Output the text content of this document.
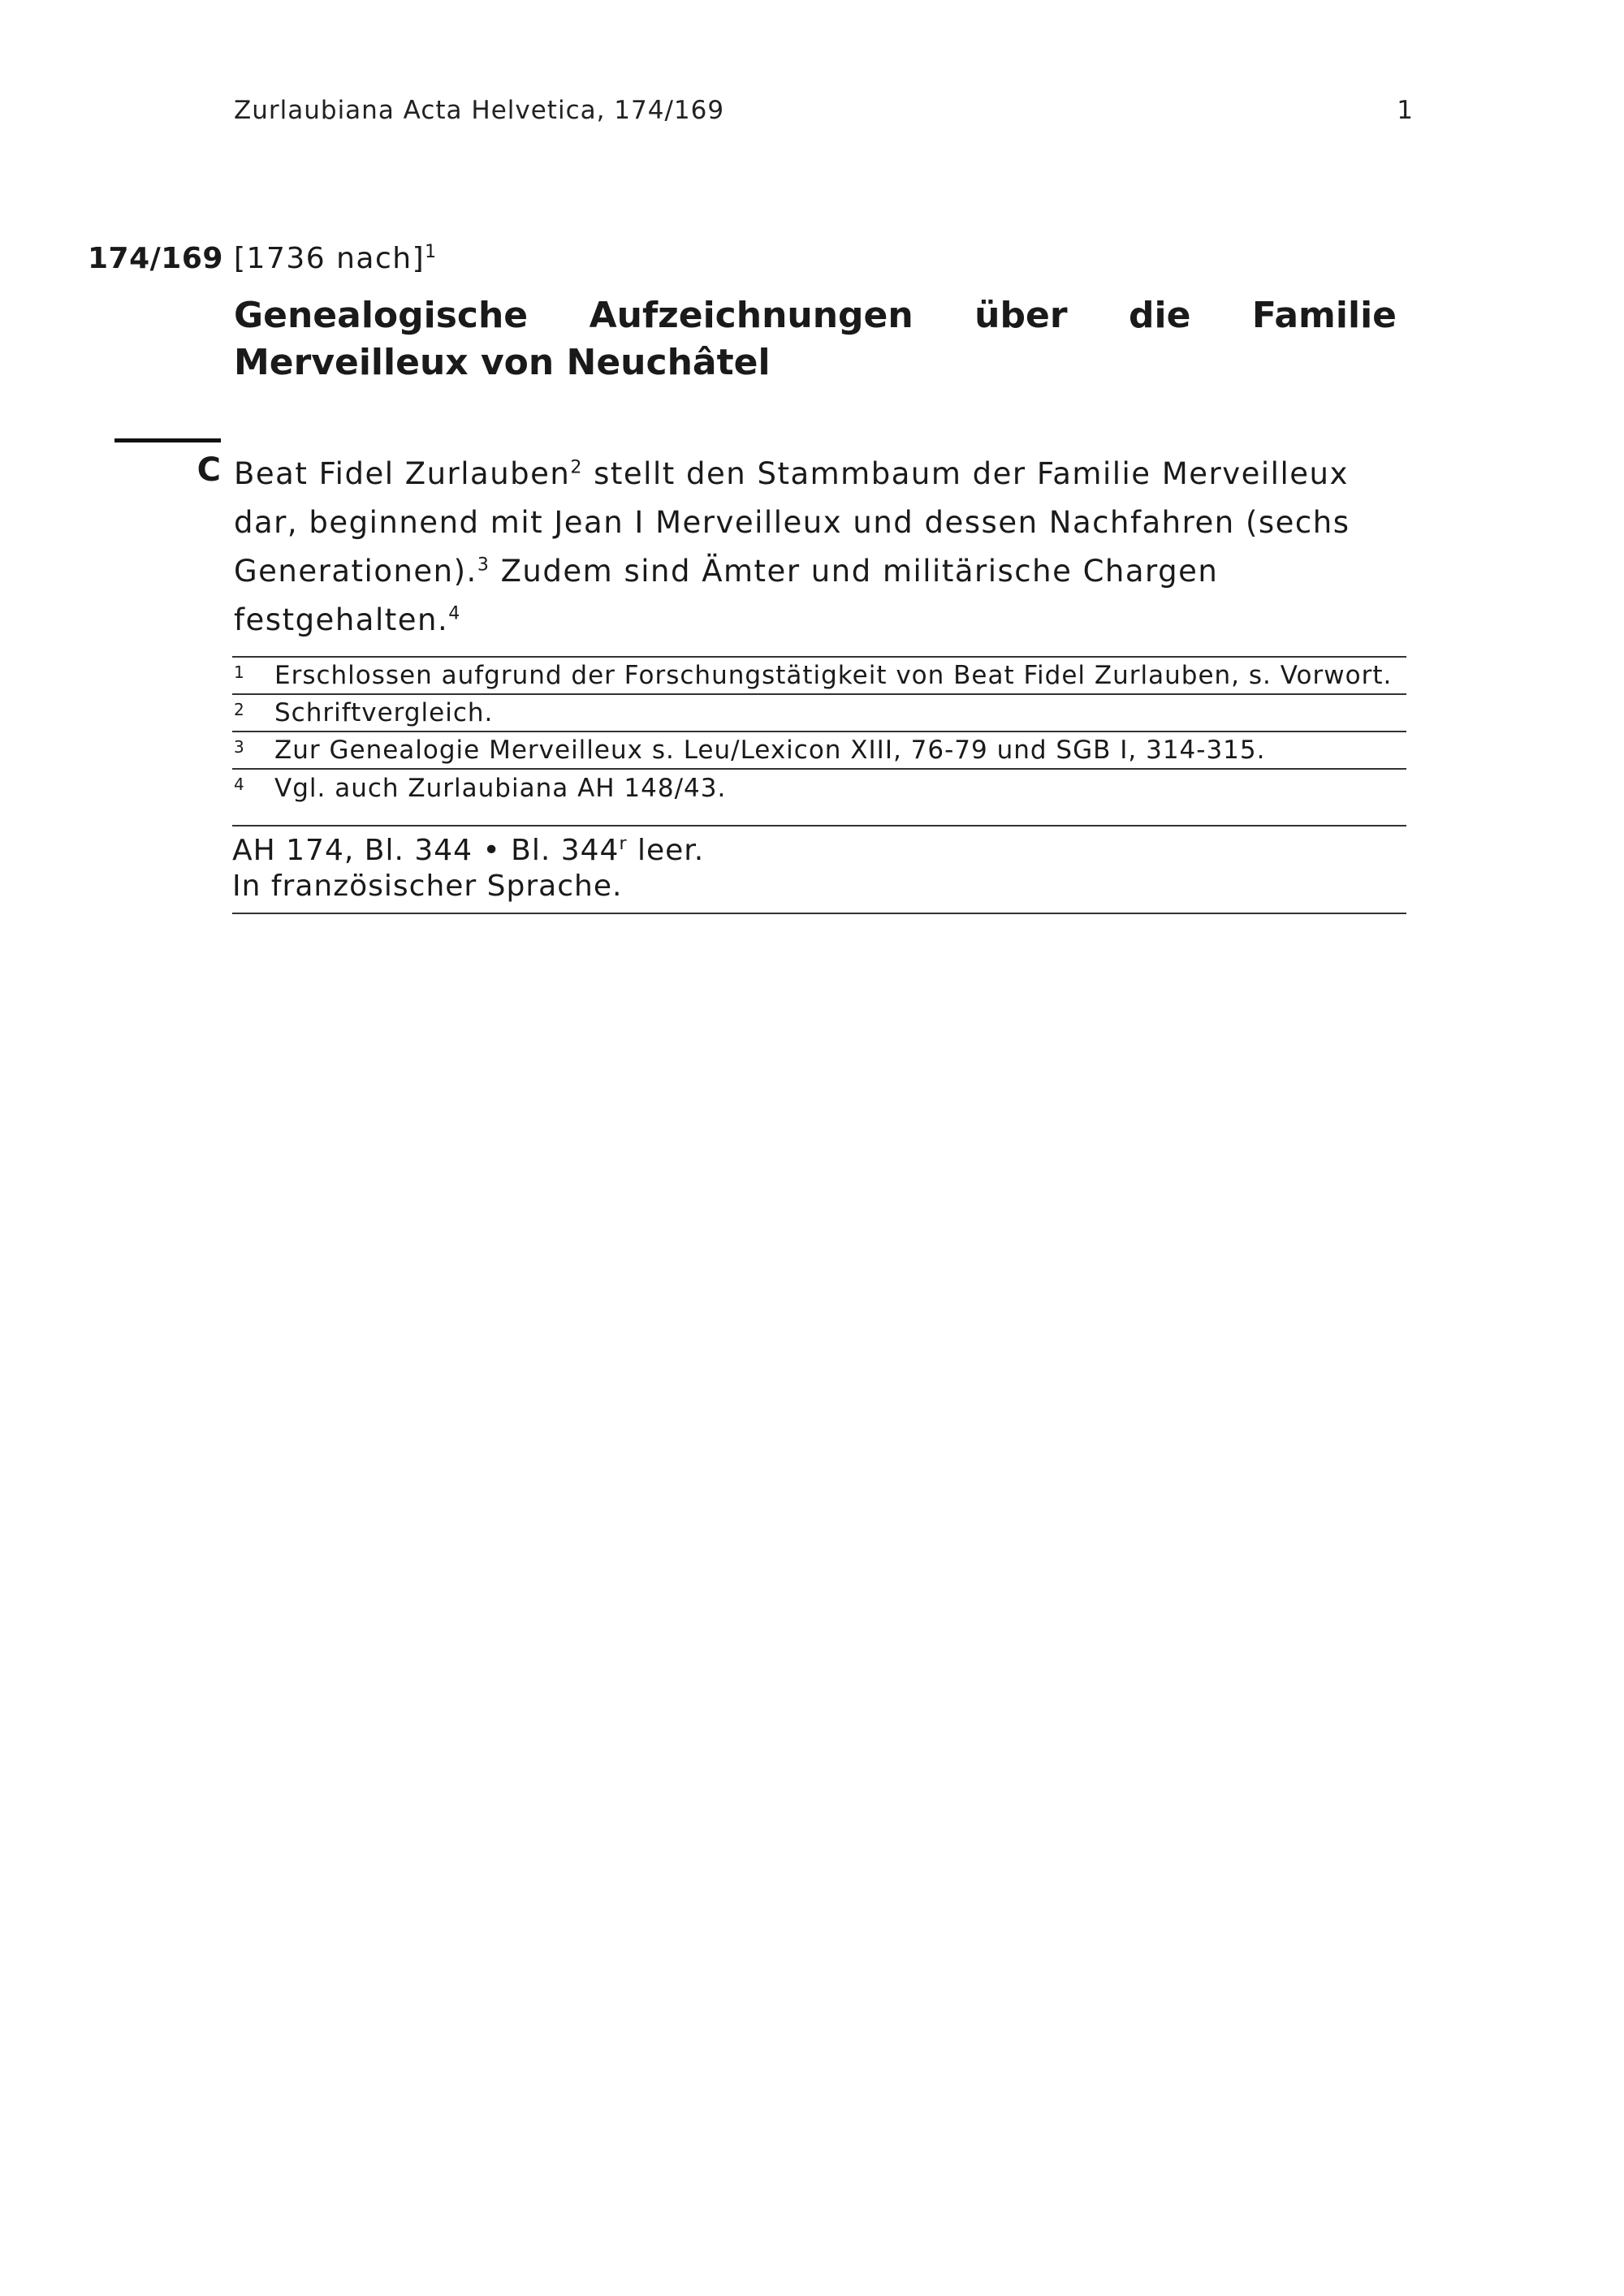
Zurlaubiana Acta Helvetica, 174/169	1
174/169 [1736 nach]$^1$
Genealogische Aufzeichnungen über die Familie Merveilleux von Neuchâtel
C Beat Fidel Zurlauben$^2$ stellt den Stammbaum der Familie Merveilleux dar, beginnend mit Jean I Merveilleux und dessen Nachfahren (sechs Generationen).$^3$ Zudem sind Ämter und militärische Chargen festgehalten.$^4$
1	Erschlossen aufgrund der Forschungstätigkeit von Beat Fidel Zurlauben, s. Vorwort.
2	Schriftvergleich.
3	Zur Genealogie Merveilleux s. Leu/Lexicon XIII, 76-79 und SGB I, 314-315.
4	Vgl. auch Zurlaubiana AH 148/43.
AH 174, Bl. 344 • Bl. 344$^r$ leer.
In französischer Sprache.
